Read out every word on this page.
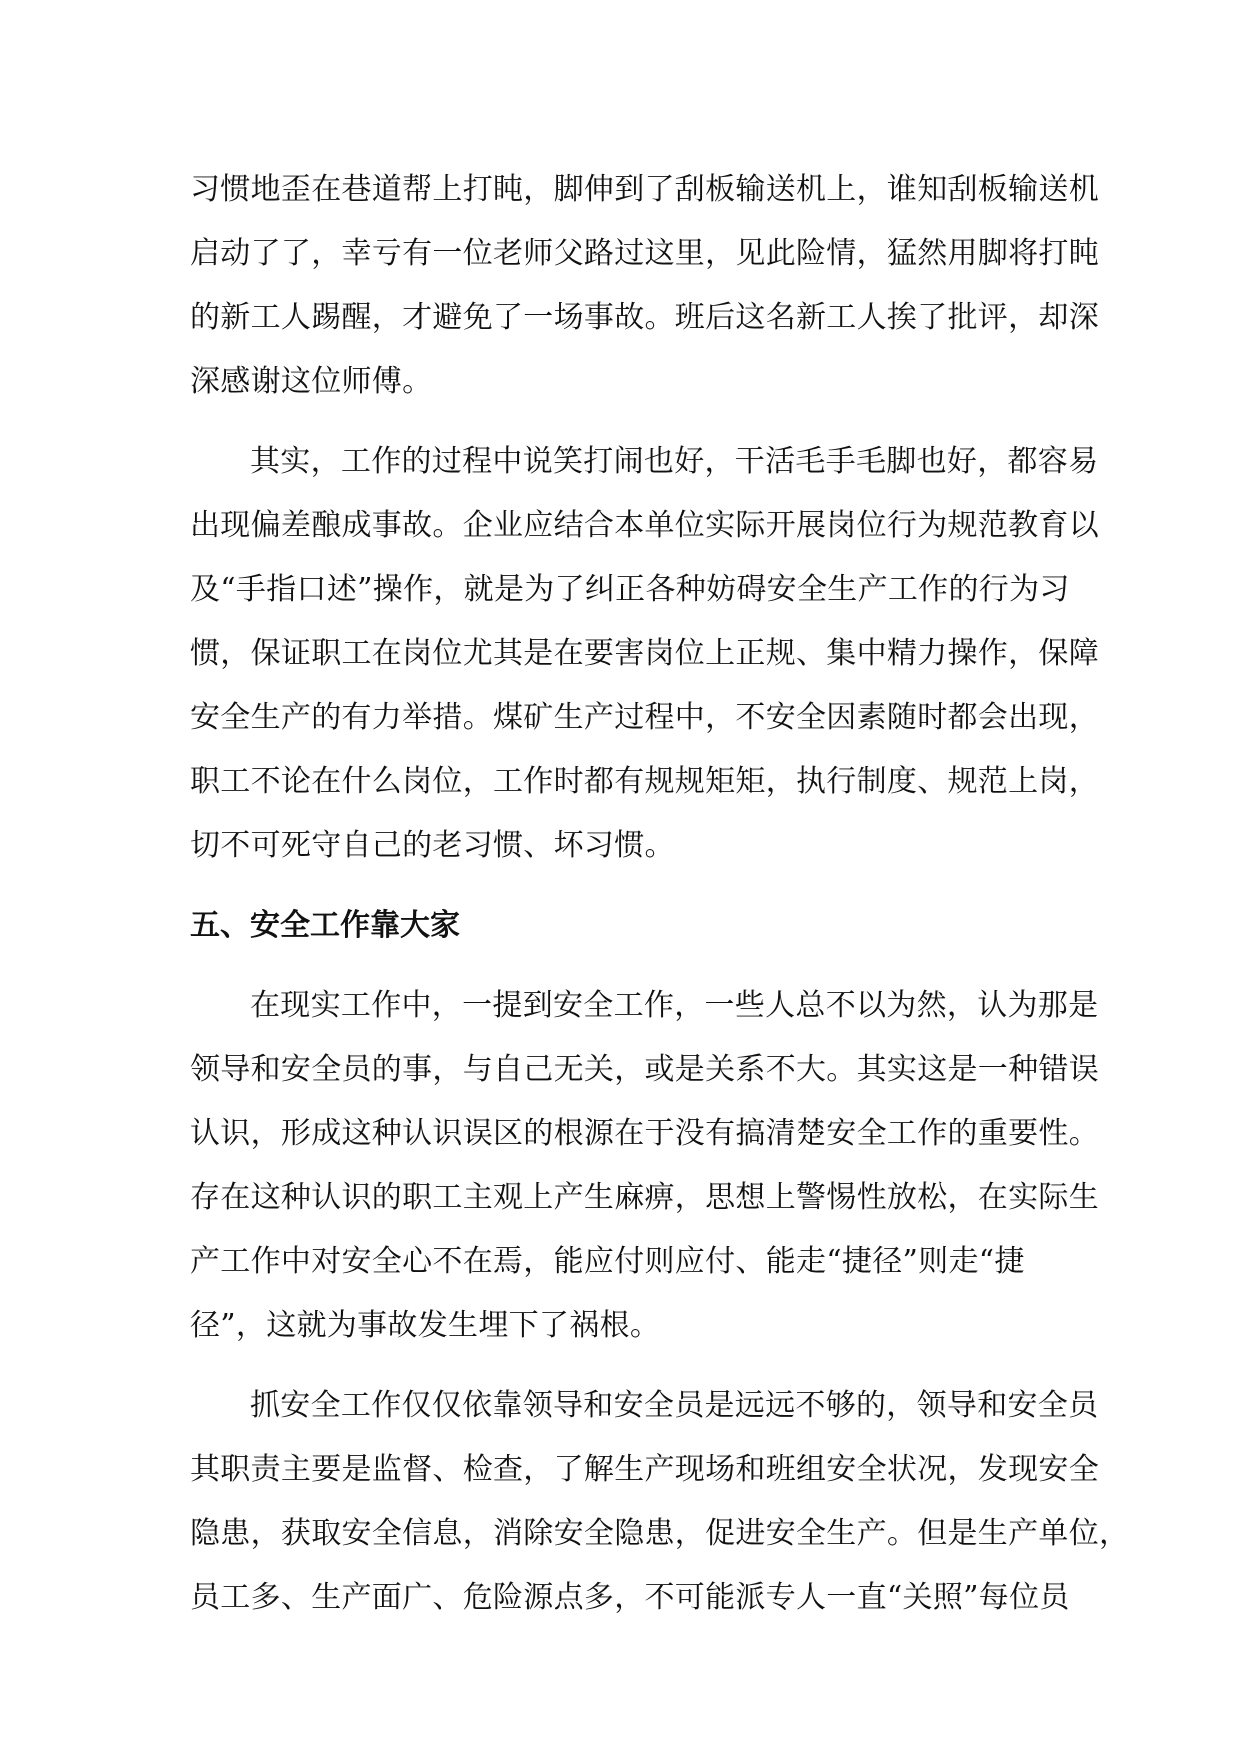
习惯地歪在巷道帮上打盹，脚伸到了刮板输送机上，谁知刮板输送机
启动了了，幸亏有一位老师父路过这里，见此险情，猛然用脚将打盹
的新工人踢醒，才避免了一场事故。班后这名新工人挨了批评，却深
深感谢这位师傅。
其实，工作的过程中说笑打闹也好，干活毛手毛脚也好，都容易
出现偏差酿成事故。企业应结合本单位实际开展岗位行为规范教育以
及“手指口述”操作，就是为了纠正各种妨碍安全生产工作的行为习
惯，保证职工在岗位尤其是在要害岗位上正规、集中精力操作，保障
安全生产的有力举措。煤矿生产过程中，不安全因素随时都会出现，
职工不论在什么岗位，工作时都有规规矩矩，执行制度、规范上岗，
切不可死守自己的老习惯、坏习惯。
五、安全工作靠大家
在现实工作中，一提到安全工作，一些人总不以为然，认为那是
领导和安全员的事，与自己无关，或是关系不大。其实这是一种错误
认识，形成这种认识误区的根源在于没有搞清楚安全工作的重要性。
存在这种认识的职工主观上产生麻痹，思想上警惕性放松，在实际生
产工作中对安全心不在焉，能应付则应付、能走“捷径”则走“捷
径”，这就为事故发生埋下了祸根。
抓安全工作仅仅依靠领导和安全员是远远不够的，领导和安全员
其职责主要是监督、检查，了解生产现场和班组安全状况，发现安全
隐患，获取安全信息，消除安全隐患，促进安全生产。但是生产单位，
员工多、生产面广、危险源点多，不可能派专人一直“关照”每位员
